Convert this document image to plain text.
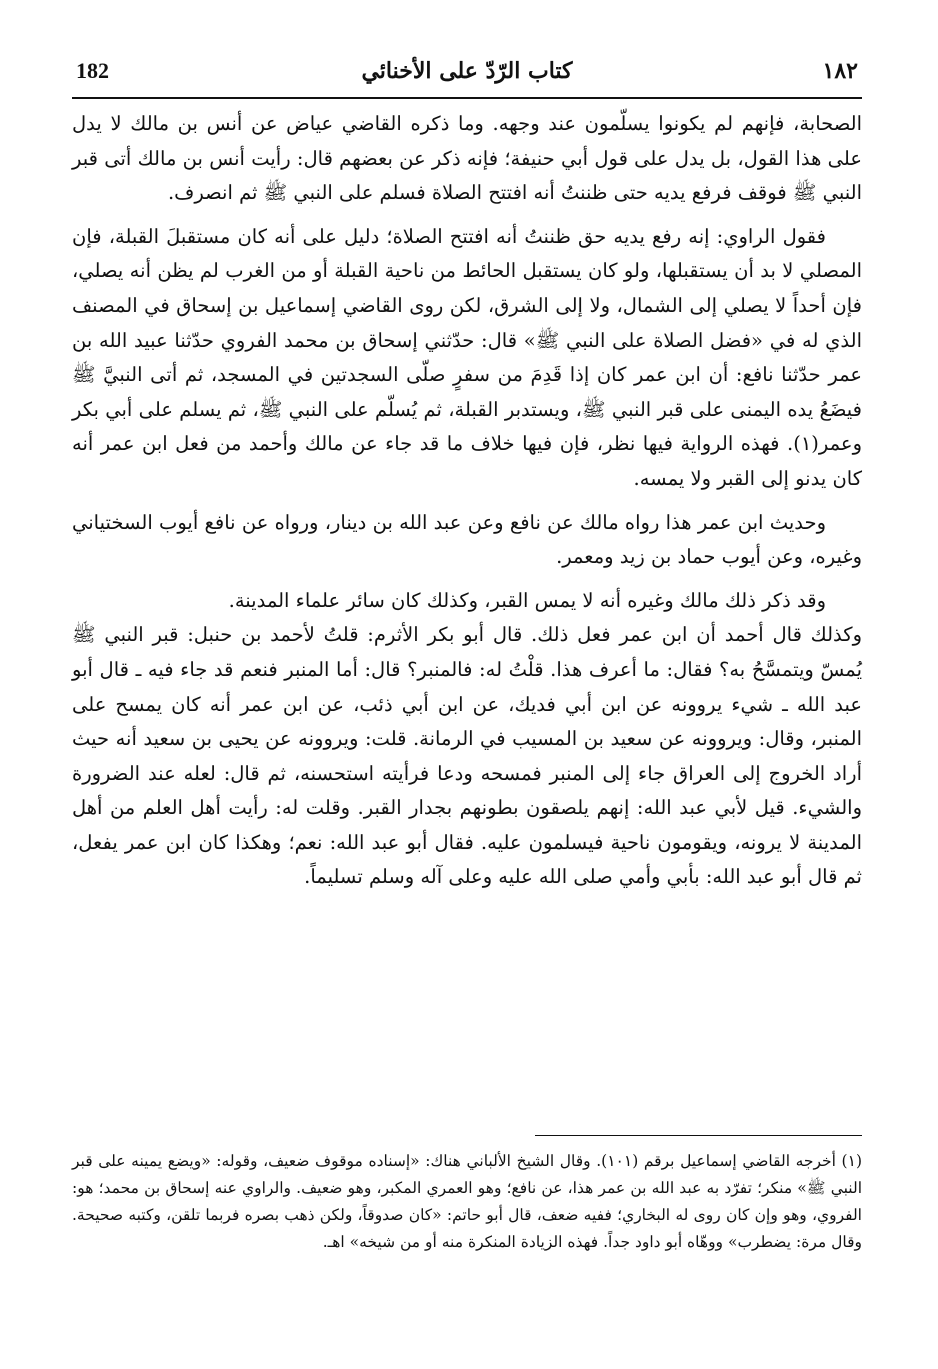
182	كتاب الرّدّ على الأخنائي	١٨٢

الصحابة، فإنهم لم يكونوا يسلّمون عند وجهه. وما ذكره القاضي عياض عن أنس بن مالك لا يدل على هذا القول، بل يدل على قول أبي حنيفة؛ فإنه ذكر عن بعضهم قال: رأيت أنس بن مالك أتى قبر النبي ﷺ فوقف فرفع يديه حتى ظننتُ أنه افتتح الصلاة فسلم على النبي ﷺ ثم انصرف.

فقول الراوي: إنه رفع يديه حق ظننتُ أنه افتتح الصلاة؛ دليل على أنه كان مستقبلَ القبلة، فإن المصلي لا بد أن يستقبلها، ولو كان يستقبل الحائط من ناحية القبلة أو من الغرب لم يظن أنه يصلي، فإن أحداً لا يصلي إلى الشمال، ولا إلى الشرق، لكن روى القاضي إسماعيل بن إسحاق في المصنف الذي له في «فضل الصلاة على النبي ﷺ» قال: حدّثني إسحاق بن محمد الفروي حدّثنا عبيد الله بن عمر حدّثنا نافع: أن ابن عمر كان إذا قَدِمَ من سفرٍ صلّى السجدتين في المسجد، ثم أتى النبيَّ ﷺ فيضَعُ يده اليمنى على قبر النبي ﷺ، ويستدبر القبلة، ثم يُسلّم على النبي ﷺ، ثم يسلم على أبي بكر وعمر(١). فهذه الرواية فيها نظر، فإن فيها خلاف ما قد جاء عن مالك وأحمد من فعل ابن عمر أنه كان يدنو إلى القبر ولا يمسه.

وحديث ابن عمر هذا رواه مالك عن نافع وعن عبد الله بن دينار، ورواه عن نافع أيوب السختياني وغيره، وعن أيوب حماد بن زيد ومعمر.

وقد ذكر ذلك مالك وغيره أنه لا يمس القبر، وكذلك كان سائر علماء المدينة.

وكذلك قال أحمد أن ابن عمر فعل ذلك. قال أبو بكر الأثرم: قلتُ لأحمد بن حنبل: قبر النبي ﷺ يُمسّ ويتمسَّحُ به؟ فقال: ما أعرف هذا. قلْتُ له: فالمنبر؟ قال: أما المنبر فنعم قد جاء فيه ـ قال أبو عبد الله ـ شيء يروونه عن ابن أبي فديك، عن ابن أبي ذئب، عن ابن عمر أنه كان يمسح على المنبر، وقال: ويروونه عن سعيد بن المسيب في الرمانة. قلت: ويروونه عن يحيى بن سعيد أنه حيث أراد الخروج إلى العراق جاء إلى المنبر فمسحه ودعا فرأيته استحسنه، ثم قال: لعله عند الضرورة والشيء. قيل لأبي عبد الله: إنهم يلصقون بطونهم بجدار القبر. وقلت له: رأيت أهل العلم من أهل المدينة لا يرونه، ويقومون ناحية فيسلمون عليه. فقال أبو عبد الله: نعم؛ وهكذا كان ابن عمر يفعل، ثم قال أبو عبد الله: بأبي وأمي صلى الله عليه وعلى آله وسلم تسليماً.

(١) أخرجه القاضي إسماعيل برقم (١٠١). وقال الشيخ الألباني هناك: «إسناده موقوف ضعيف، وقوله: «ويضع يمينه على قبر النبي ﷺ» منكر؛ تفرّد به عبد الله بن عمر هذا، عن نافع؛ وهو العمري المكبر، وهو ضعيف. والراوي عنه إسحاق بن محمد؛ هو: الفروي، وهو وإن كان روى له البخاري؛ ففيه ضعف، قال أبو حاتم: «كان صدوقاً، ولكن ذهب بصره فربما تلقن، وكتبه صحيحة. وقال مرة: يضطرب» ووهّاه أبو داود جداً. فهذه الزيادة المنكرة منه أو من شيخه» اهـ.
